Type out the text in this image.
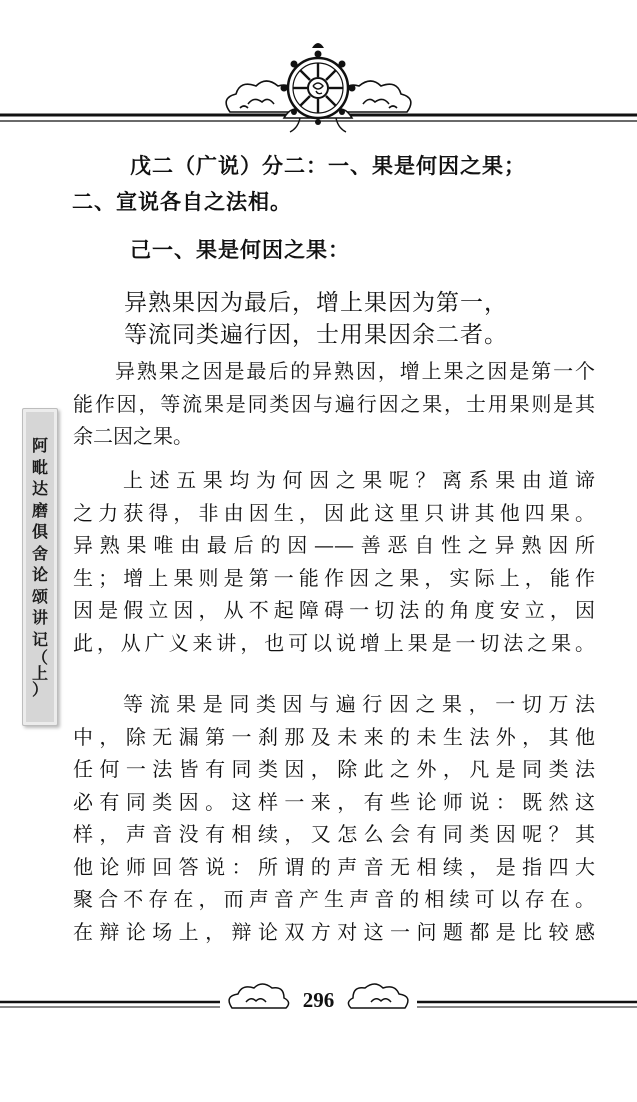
戊二（广说）分二：一、果是何因之果；
二、宣说各自之法相。
己一、果是何因之果：
异熟果因为最后，增上果因为第一，
等流同类遍行因，士用果因余二者。
异熟果之因是最后的异熟因，增上果之因是第一个
能作因，等流果是同类因与遍行因之果，士用果则是其
余二因之果。
上述五果均为何因之果呢？离系果由道谛
之力获得，非由因生，因此这里只讲其他四果。
异熟果唯由最后的因——善恶自性之异熟因所
生；增上果则是第一能作因之果，实际上，能作
因是假立因，从不起障碍一切法的角度安立，因
此，从广义来讲，也可以说增上果是一切法之果。
等流果是同类因与遍行因之果，一切万法
中，除无漏第一刹那及未来的未生法外，其他
任何一法皆有同类因，除此之外，凡是同类法
必有同类因。这样一来，有些论师说：既然这
样，声音没有相续，又怎么会有同类因呢？其
他论师回答说：所谓的声音无相续，是指四大
聚合不存在，而声音产生声音的相续可以存在。
在辩论场上，辩论双方对这一问题都是比较感
阿
毗
达
磨
俱
舍
论
颂
讲
记
（
上
）
296
